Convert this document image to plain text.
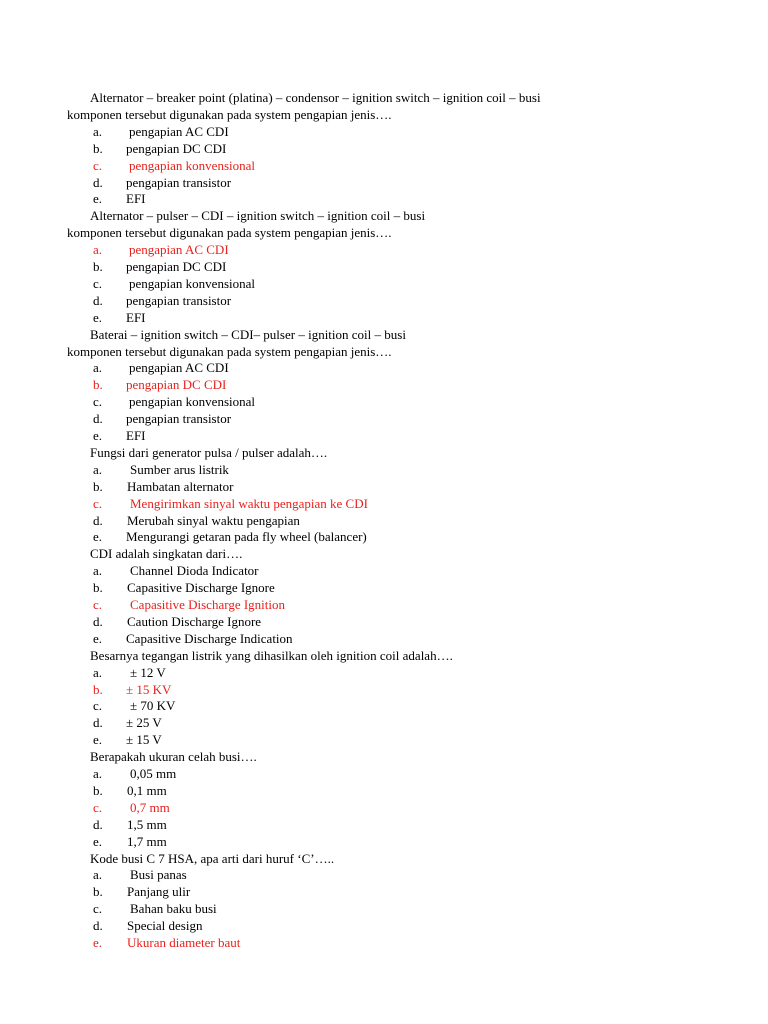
Alternator – breaker point (platina) – condensor – ignition switch – ignition coil – busi
komponen tersebut digunakan pada system pengapian jenis….
a. pengapian AC CDI
b. pengapian DC CDI
c. pengapian konvensional
d. pengapian transistor
e. EFI
Alternator – pulser – CDI – ignition switch – ignition coil – busi
komponen tersebut digunakan pada system pengapian jenis….
a. pengapian AC CDI
b. pengapian DC CDI
c. pengapian konvensional
d. pengapian transistor
e. EFI
Baterai – ignition switch – CDI– pulser – ignition coil – busi
komponen tersebut digunakan pada system pengapian jenis….
a. pengapian AC CDI
b. pengapian DC CDI
c. pengapian konvensional
d. pengapian transistor
e. EFI
Fungsi dari generator pulsa / pulser adalah….
a. Sumber arus listrik
b. Hambatan alternator
c. Mengirimkan sinyal waktu pengapian ke CDI
d. Merubah sinyal waktu pengapian
e. Mengurangi getaran pada fly wheel (balancer)
CDI adalah singkatan dari….
a. Channel Dioda Indicator
b. Capasitive Discharge Ignore
c. Capasitive Discharge Ignition
d. Caution Discharge Ignore
e. Capasitive Discharge Indication
Besarnya tegangan listrik yang dihasilkan oleh ignition coil adalah….
a. ± 12 V
b. ± 15 KV
c. ± 70 KV
d. ± 25 V
e. ± 15 V
Berapakah ukuran celah busi….
a. 0,05 mm
b. 0,1 mm
c. 0,7 mm
d. 1,5 mm
e. 1,7 mm
Kode busi C 7 HSA, apa arti dari huruf ‘C’…..
a. Busi panas
b. Panjang ulir
c. Bahan baku busi
d. Special design
e. Ukuran diameter baut
